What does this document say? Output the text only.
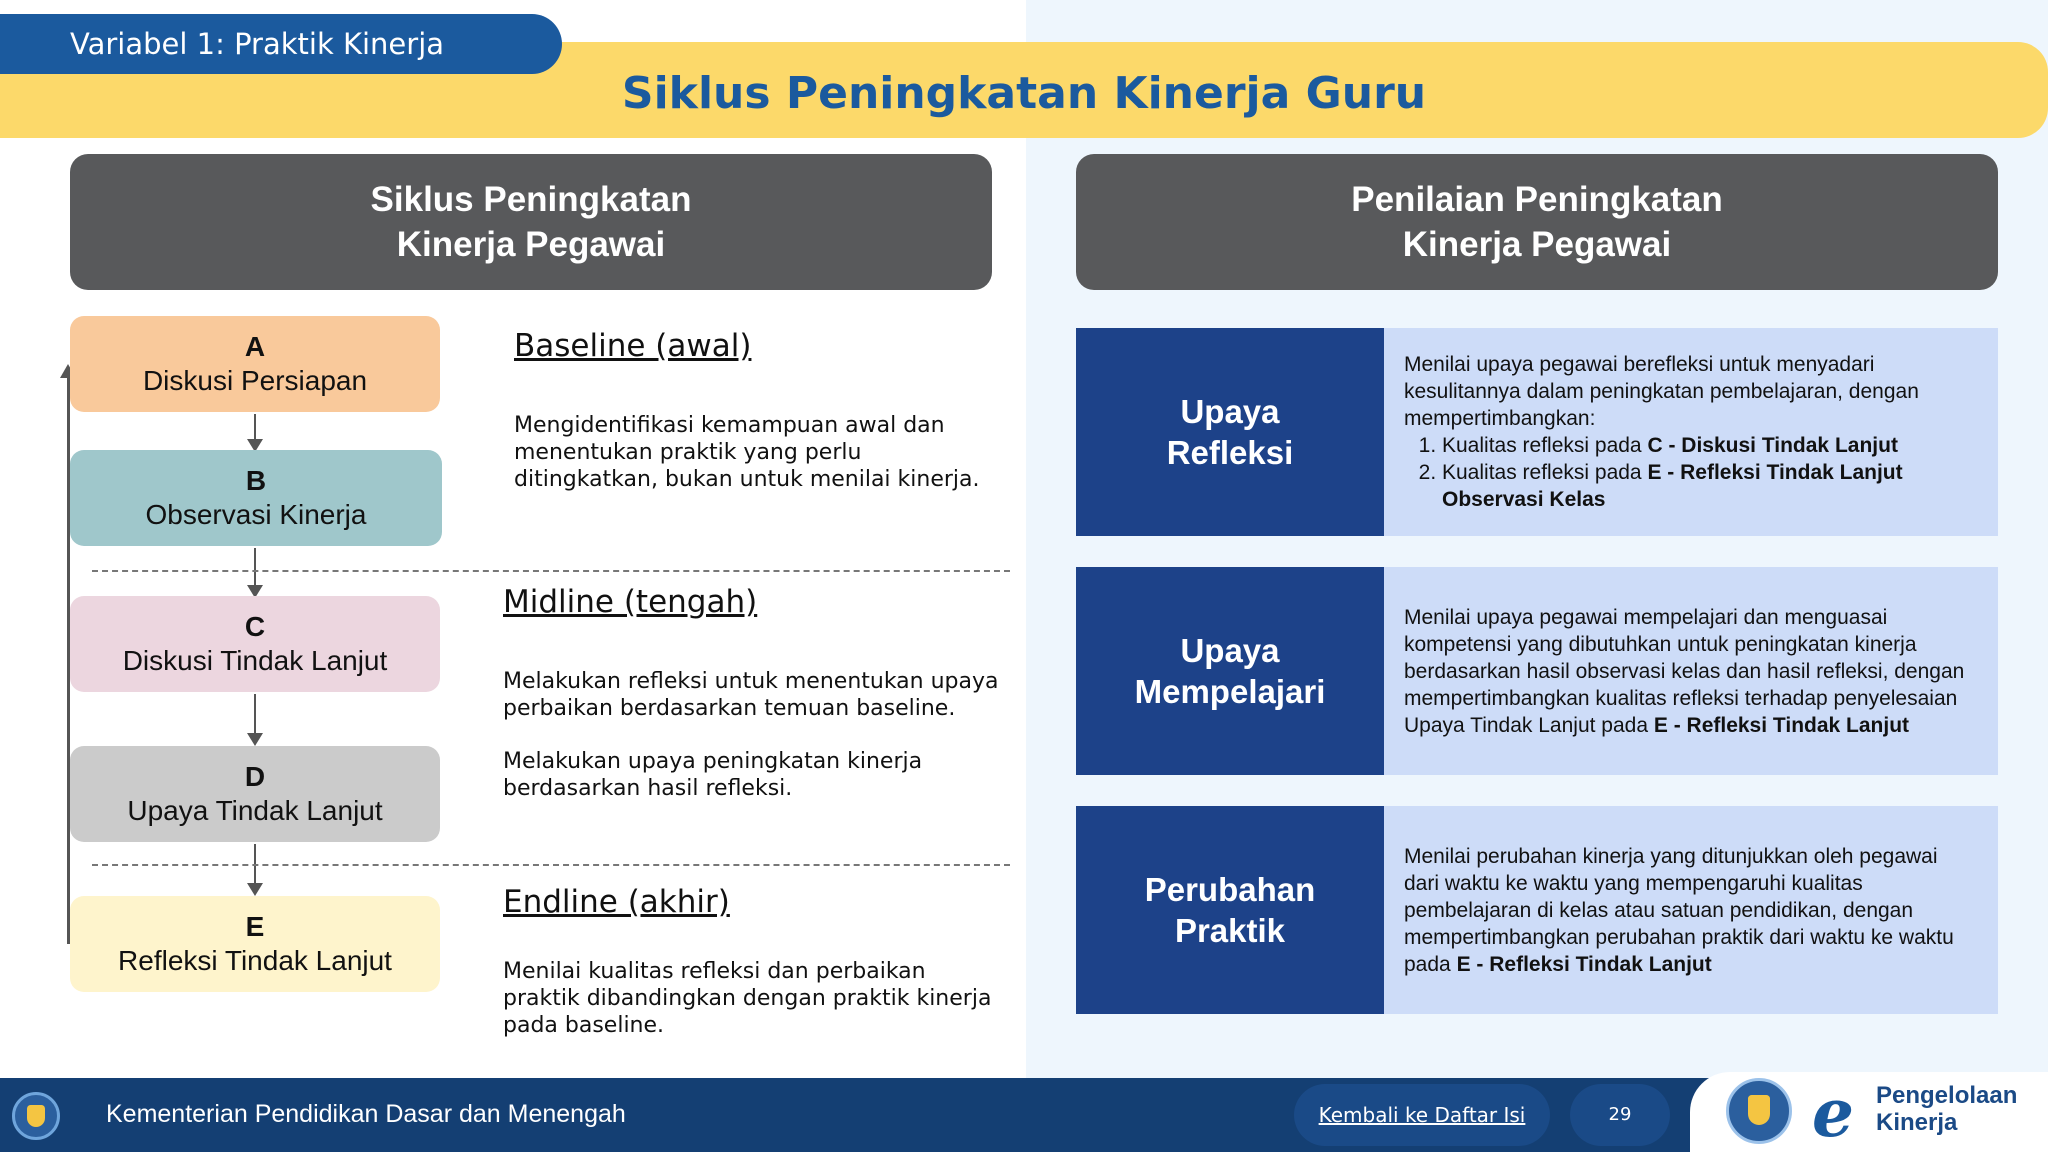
Variabel 1: Praktik Kinerja
Siklus Peningkatan Kinerja Guru
Siklus Peningkatan
Kinerja Pegawai
Penilaian Peningkatan
Kinerja Pegawai
A
Diskusi Persiapan
B
Observasi Kinerja
C
Diskusi Tindak Lanjut
D
Upaya Tindak Lanjut
E
Refleksi Tindak Lanjut
Baseline (awal)
Mengidentifikasi kemampuan awal dan menentukan praktik yang perlu ditingkatkan, bukan untuk menilai kinerja.
Midline (tengah)
Melakukan refleksi untuk menentukan upaya perbaikan berdasarkan temuan baseline.
Melakukan upaya peningkatan kinerja berdasarkan hasil refleksi.
Endline (akhir)
Menilai kualitas refleksi dan perbaikan praktik dibandingkan dengan praktik kinerja pada baseline.
Upaya
Refleksi
Menilai upaya pegawai berefleksi untuk menyadari kesulitannya dalam peningkatan pembelajaran, dengan mempertimbangkan:
1. Kualitas refleksi pada C - Diskusi Tindak Lanjut
2. Kualitas refleksi pada E - Refleksi Tindak Lanjut Observasi Kelas
Upaya
Mempelajari
Menilai upaya pegawai mempelajari dan menguasai kompetensi yang dibutuhkan untuk peningkatan kinerja berdasarkan hasil observasi kelas dan hasil refleksi, dengan mempertimbangkan kualitas refleksi terhadap penyelesaian Upaya Tindak Lanjut pada E - Refleksi Tindak Lanjut
Perubahan
Praktik
Menilai perubahan kinerja yang ditunjukkan oleh pegawai dari waktu ke waktu yang mempengaruhi kualitas pembelajaran di kelas atau satuan pendidikan, dengan mempertimbangkan perubahan praktik dari waktu ke waktu pada E - Refleksi Tindak Lanjut
Kementerian Pendidikan Dasar dan Menengah	Kembali ke Daftar Isi	29	e Pengelolaan
Kinerja
